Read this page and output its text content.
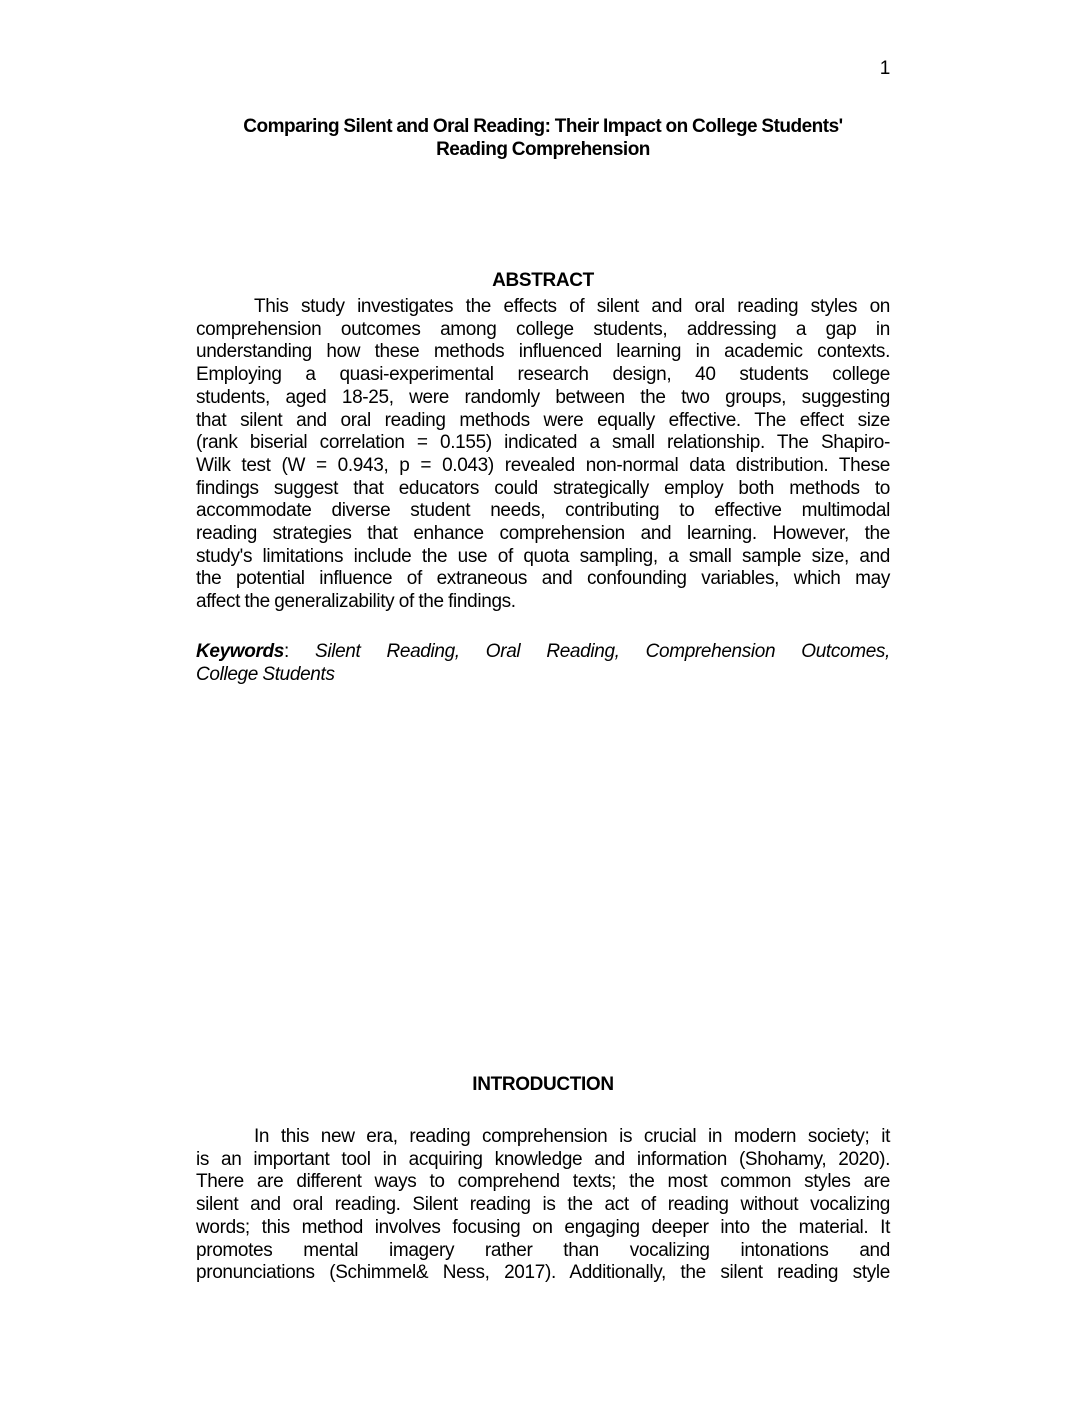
1
Comparing Silent and Oral Reading: Their Impact on College Students'
Reading Comprehension
ABSTRACT
This study investigates the effects of silent and oral reading styles on
comprehension outcomes among college students, addressing a gap in
understanding how these methods influenced learning in academic contexts.
Employing a quasi-experimental research design, 40 students college
students, aged 18-25, were randomly between the two groups, suggesting
that silent and oral reading methods were equally effective. The effect size
(rank biserial correlation = 0.155) indicated a small relationship. The Shapiro-
Wilk test (W = 0.943, p = 0.043) revealed non-normal data distribution. These
findings suggest that educators could strategically employ both methods to
accommodate diverse student needs, contributing to effective multimodal
reading strategies that enhance comprehension and learning. However, the
study's limitations include the use of quota sampling, a small sample size, and
the potential influence of extraneous and confounding variables, which may
affect the generalizability of the findings.
Keywords: Silent Reading, Oral Reading, Comprehension Outcomes,
College Students
INTRODUCTION
In this new era, reading comprehension is crucial in modern society; it
is an important tool in acquiring knowledge and information (Shohamy, 2020).
There are different ways to comprehend texts; the most common styles are
silent and oral reading. Silent reading is the act of reading without vocalizing
words; this method involves focusing on engaging deeper into the material. It
promotes mental imagery rather than vocalizing intonations and
pronunciations (Schimmel& Ness, 2017). Additionally, the silent reading style
